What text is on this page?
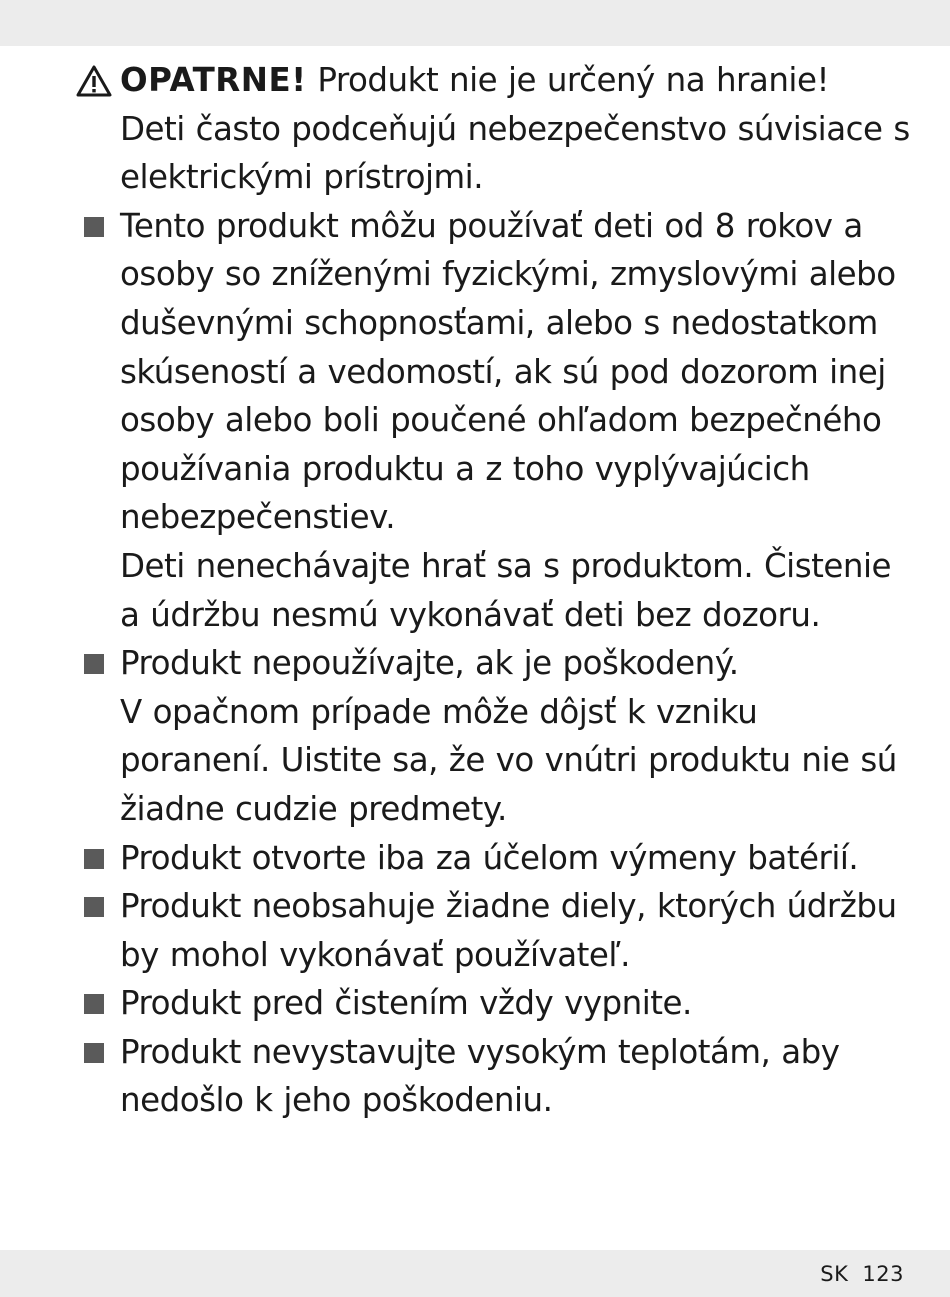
OPATRNE! Produkt nie je určený na hranie!
Deti často podceňujú nebezpečenstvo súvisiace s elektrickými prístrojmi.
Tento produkt môžu používať deti od 8 rokov a osoby so zníženými fyzickými, zmyslovými alebo duševnými schopnosťami, alebo s nedostatkom skúseností a vedomostí, ak sú pod dozorom inej osoby alebo boli poučené ohľadom bezpečného používania produktu a z toho vyplývajúcich nebezpečenstiev.
Deti nenechávajte hrať sa s produktom. Čistenie a údržbu nesmú vykonávať deti bez dozoru.
Produkt nepoužívajte, ak je poškodený.
V opačnom prípade môže dôjsť k vzniku poranení. Uistite sa, že vo vnútri produktu nie sú žiadne cudzie predmety.
Produkt otvorte iba za účelom výmeny batérií.
Produkt neobsahuje žiadne diely, ktorých údržbu by mohol vykonávať používateľ.
Produkt pred čistením vždy vypnite.
Produkt nevystavujte vysokým teplotám, aby nedošlo k jeho poškodeniu.
SK 123
